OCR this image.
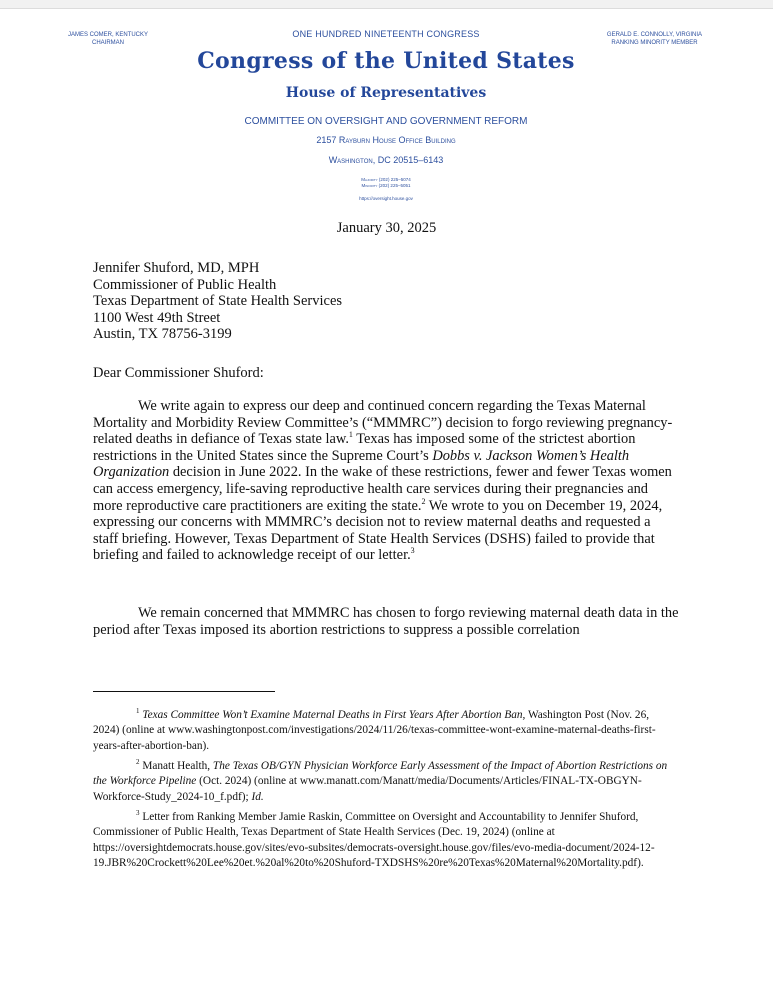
JAMES COMER, KENTUCKY
CHAIRMAN
GERALD E. CONNOLLY, VIRGINIA
RANKING MINORITY MEMBER
ONE HUNDRED NINETEENTH CONGRESS
Congress of the United States
House of Representatives
COMMITTEE ON OVERSIGHT AND GOVERNMENT REFORM
2157 Rayburn House Office Building
Washington, DC 20515–6143
Majority (202) 225–5074
Minority (202) 225–5051
https://oversight.house.gov
January 30, 2025
Jennifer Shuford, MD, MPH
Commissioner of Public Health
Texas Department of State Health Services
1100 West 49th Street
Austin, TX 78756-3199
Dear Commissioner Shuford:

We write again to express our deep and continued concern regarding the Texas Maternal Mortality and Morbidity Review Committee’s (“MMMRC”) decision to forgo reviewing pregnancy-related deaths in defiance of Texas state law.$^1$ Texas has imposed some of the strictest abortion restrictions in the United States since the Supreme Court’s Dobbs v. Jackson Women’s Health Organization decision in June 2022. In the wake of these restrictions, fewer and fewer Texas women can access emergency, life-saving reproductive health care services during their pregnancies and more reproductive care practitioners are exiting the state.$^2$ We wrote to you on December 19, 2024, expressing our concerns with MMMRC’s decision not to review maternal deaths and requested a staff briefing. However, Texas Department of State Health Services (DSHS) failed to provide that briefing and failed to acknowledge receipt of our letter.$^3$

We remain concerned that MMMRC has chosen to forgo reviewing maternal death data in the period after Texas imposed its abortion restrictions to suppress a possible correlation

$^1$ Texas Committee Won’t Examine Maternal Deaths in First Years After Abortion Ban, Washington Post (Nov. 26, 2024) (online at www.washingtonpost.com/investigations/2024/11/26/texas-committee-wont-examine-maternal-deaths-first-years-after-abortion-ban).

$^2$ Manatt Health, The Texas OB/GYN Physician Workforce Early Assessment of the Impact of Abortion Restrictions on the Workforce Pipeline (Oct. 2024) (online at www.manatt.com/Manatt/media/Documents/Articles/FINAL-TX-OBGYN-Workforce-Study_2024-10_f.pdf); Id.

$^3$ Letter from Ranking Member Jamie Raskin, Committee on Oversight and Accountability to Jennifer Shuford, Commissioner of Public Health, Texas Department of State Health Services (Dec. 19, 2024) (online at https://oversightdemocrats.house.gov/sites/evo-subsites/democrats-oversight.house.gov/files/evo-media-document/2024-12-19.JBR%20Crockett%20Lee%20et.%20al%20to%20Shuford-TXDSHS%20re%20Texas%20Maternal%20Mortality.pdf).
